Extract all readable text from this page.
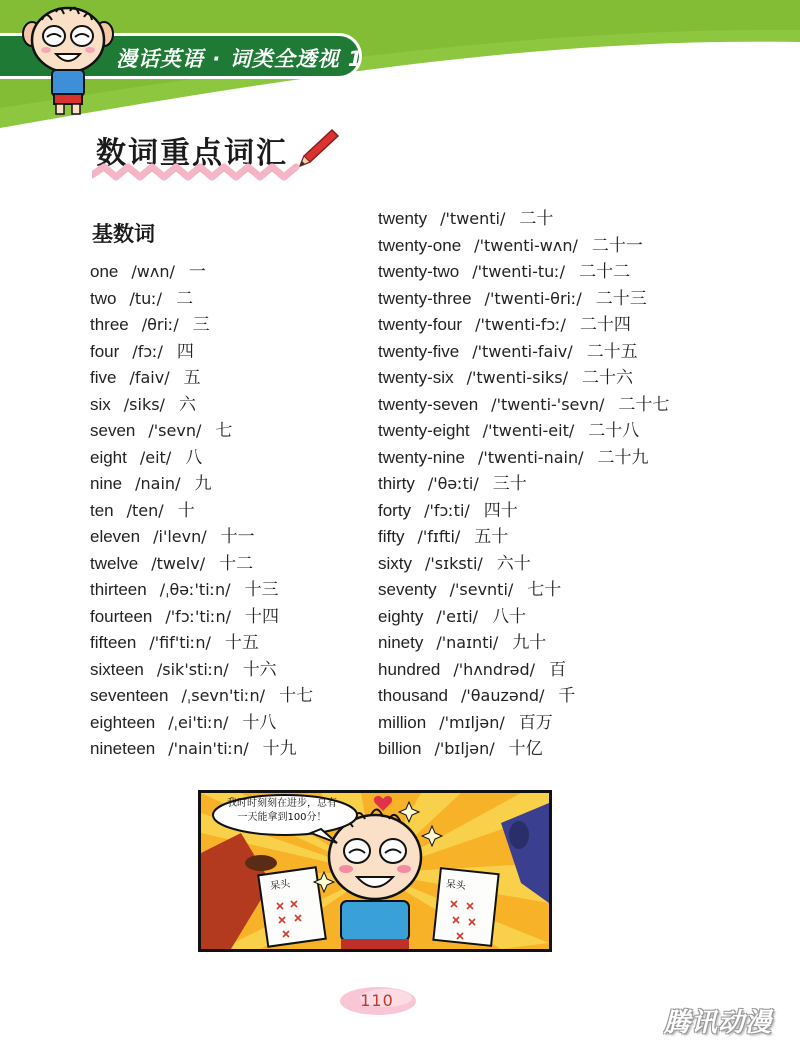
漫话英语 · 词类全透视 1
数词重点词汇
基数词
one /wʌn/ 一
two /tuː/ 二
three /θriː/ 三
four /fɔː/ 四
five /faiv/ 五
six /siks/ 六
seven /'sevn/ 七
eight /eit/ 八
nine /nain/ 九
ten /ten/ 十
eleven /i'levn/ 十一
twelve /twelv/ 十二
thirteen /ˌθəː'tiːn/ 十三
fourteen /'fɔː'tiːn/ 十四
fifteen /'fif'tiːn/ 十五
sixteen /sik'stiːn/ 十六
seventeen /ˌsevn'tiːn/ 十七
eighteen /ˌei'tiːn/ 十八
nineteen /'nain'tiːn/ 十九
twenty /'twenti/ 二十
twenty-one /'twenti-wʌn/ 二十一
twenty-two /'twenti-tuː/ 二十二
twenty-three /'twenti-θriː/ 二十三
twenty-four /'twenti-fɔː/ 二十四
twenty-five /'twenti-faiv/ 二十五
twenty-six /'twenti-siks/ 二十六
twenty-seven /'twenti-'sevn/ 二十七
twenty-eight /'twenti-eit/ 二十八
twenty-nine /'twenti-nain/ 二十九
thirty /'θəːti/ 三十
forty /'fɔːti/ 四十
fifty /'fɪfti/ 五十
sixty /'sɪksti/ 六十
seventy /'sevnti/ 七十
eighty /'eɪti/ 八十
ninety /'naɪnti/ 九十
hundred /'hʌndrəd/ 百
thousand /'θauzənd/ 千
million /'mɪljən/ 百万
billion /'bɪljən/ 十亿
我时时刻刻在进步，总有
一天能拿到100分！
呆头	呆头
110
腾讯动漫
